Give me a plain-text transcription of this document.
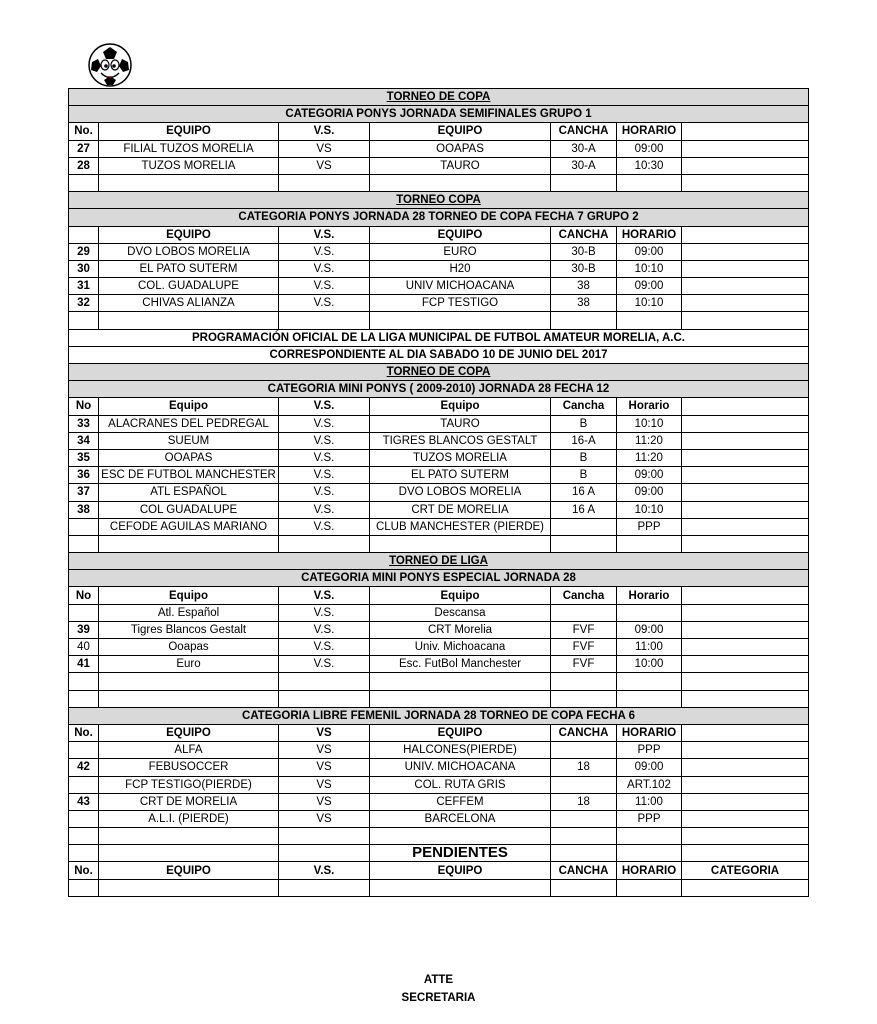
TORNEO DE COPA						
CATEGORIA PONYS JORNADA SEMIFINALES GRUPO 1						
No.	EQUIPO	V.S.	EQUIPO	CANCHA	HORARIO	
27	FILIAL TUZOS MORELIA	VS	OOAPAS	30-A	09:00	
28	TUZOS MORELIA	VS	TAURO	30-A	10:30	

TORNEO COPA						
CATEGORIA PONYS JORNADA 28 TORNEO DE COPA FECHA 7 GRUPO 2						
	EQUIPO	V.S.	EQUIPO	CANCHA	HORARIO	
29	DVO LOBOS MORELIA	V.S.	EURO	30-B	09:00	
30	EL PATO SUTERM	V.S.	H20	30-B	10:10	
31	COL. GUADALUPE	V.S.	UNIV MICHOACANA	38	09:00	
32	CHIVAS ALIANZA	V.S.	FCP TESTIGO	38	10:10	

PROGRAMACIÓN OFICIAL DE LA LIGA MUNICIPAL DE FUTBOL AMATEUR MORELIA, A.C.						
CORRESPONDIENTE AL DIA SABADO 10 DE JUNIO DEL 2017						
TORNEO DE COPA						
CATEGORIA MINI PONYS ( 2009-2010) JORNADA 28 FECHA 12						
No	Equipo	V.S.	Equipo	Cancha	Horario	
33	ALACRANES DEL PEDREGAL	V.S.	TAURO	B	10:10	
34	SUEUM	V.S.	TIGRES BLANCOS GESTALT	16-A	11:20	
35	OOAPAS	V.S.	TUZOS MORELIA	B	11:20	
36	ESC DE FUTBOL MANCHESTER	V.S.	EL PATO SUTERM	B	09:00	
37	ATL ESPAÑOL	V.S.	DVO LOBOS MORELIA	16 A	09:00	
38	COL GUADALUPE	V.S.	CRT DE MORELIA	16 A	10:10	
	CEFODE AGUILAS MARIANO	V.S.	CLUB MANCHESTER (PIERDE)		PPP	

TORNEO DE LIGA						
CATEGORIA MINI PONYS ESPECIAL JORNADA 28						
No	Equipo	V.S.	Equipo	Cancha	Horario	
	Atl. Español	V.S.	Descansa			
39	Tigres Blancos Gestalt	V.S.	CRT Morelia	FVF	09:00	
40	Ooapas	V.S.	Univ. Michoacana	FVF	11:00	
41	Euro	V.S.	Esc. FutBol Manchester	FVF	10:00	

CATEGORIA LIBRE FEMENIL JORNADA 28 TORNEO DE COPA FECHA 6						
No.	EQUIPO	VS	EQUIPO	CANCHA	HORARIO	
	ALFA	VS	HALCONES(PIERDE)		PPP	
42	FEBUSOCCER	VS	UNIV. MICHOACANA	18	09:00	
	FCP TESTIGO(PIERDE)	VS	COL. RUTA GRIS		ART.102	
43	CRT DE MORELIA	VS	CEFFEM	18	11:00	
	A.L.I. (PIERDE)	VS	BARCELONA		PPP	

			PENDIENTES			
No.	EQUIPO	V.S.	EQUIPO	CANCHA	HORARIO	CATEGORIA

ATTE
SECRETARIA
